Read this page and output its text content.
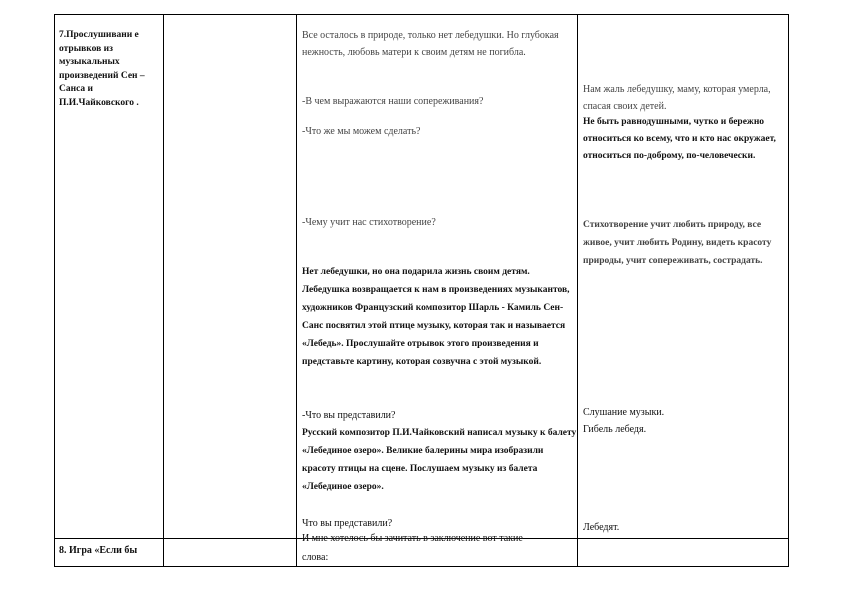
7.Прослушивани е отрывков из музыкальных произведений Сен – Санса и П.И.Чайковского .
8. Игра «Если бы
Все осталось в природе, только нет лебедушки. Но глубокая нежность, любовь матери к своим детям не погибла.
-В чем выражаются наши сопереживания?
-Что же мы можем сделать?
-Чему учит нас стихотворение?
Нет лебедушки, но она подарила жизнь своим детям. Лебедушка возвращается к нам в произведениях музыкантов, художников Французский композитор Шарль - Камиль Сен-Санс посвятил этой птице музыку, которая так и называется «Лебедь». Прослушайте отрывок этого произведения и представьте картину, которая созвучна с этой музыкой.
-Что вы представили?
Русский композитор П.И.Чайковский написал музыку к балету «Лебединое озеро». Великие балерины мира изобразили красоту птицы на сцене. Послушаем музыку из балета «Лебединое озеро».
Что вы представили?
И мне хотелось бы зачитать в заключение вот такие
слова:
Нам жаль лебедушку, маму, которая умерла, спасая своих детей.
Не быть равнодушными, чутко и бережно относиться ко всему, что и кто нас окружает, относиться по-доброму, по-человечески.
Стихотворение учит любить природу, все живое, учит любить Родину, видеть красоту природы, учит сопереживать, сострадать.
Слушание музыки.
Гибель лебедя.
Лебедят.
